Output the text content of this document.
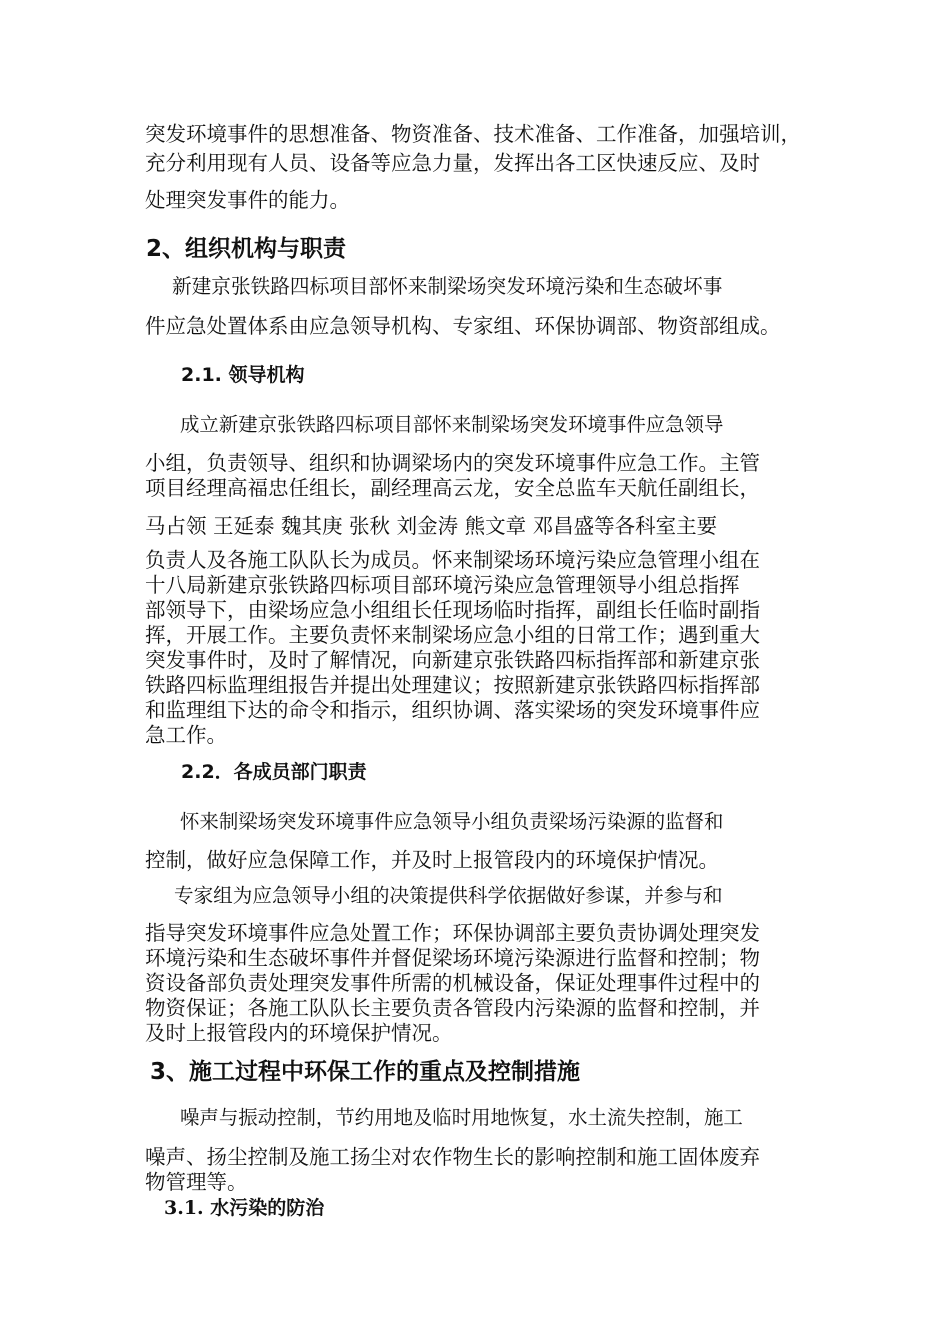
突发环境事件的思想准备、物资准备、技术准备、工作准备，加强培训，
充分利用现有人员、设备等应急力量，发挥出各工区快速反应、及时
处理突发事件的能力。
2、组织机构与职责
新建京张铁路四标项目部怀来制梁场突发环境污染和生态破坏事
件应急处置体系由应急领导机构、专家组、环保协调部、物资部组成。
2.1. 领导机构
成立新建京张铁路四标项目部怀来制梁场突发环境事件应急领导
小组，负责领导、组织和协调梁场内的突发环境事件应急工作。主管
项目经理高福忠任组长，副经理高云龙，安全总监车天航任副组长，
马占领 王延泰 魏其庚 张秋 刘金涛 熊文章 邓昌盛等各科室主要
负责人及各施工队队长为成员。怀来制梁场环境污染应急管理小组在
十八局新建京张铁路四标项目部环境污染应急管理领导小组总指挥
部领导下，由梁场应急小组组长任现场临时指挥，副组长任临时副指
挥，开展工作。主要负责怀来制梁场应急小组的日常工作；遇到重大
突发事件时，及时了解情况，向新建京张铁路四标指挥部和新建京张
铁路四标监理组报告并提出处理建议；按照新建京张铁路四标指挥部
和监理组下达的命令和指示，组织协调、落实梁场的突发环境事件应
急工作。
2.2．各成员部门职责
怀来制梁场突发环境事件应急领导小组负责梁场污染源的监督和
控制，做好应急保障工作，并及时上报管段内的环境保护情况。
专家组为应急领导小组的决策提供科学依据做好参谋，并参与和
指导突发环境事件应急处置工作；环保协调部主要负责协调处理突发
环境污染和生态破坏事件并督促梁场环境污染源进行监督和控制；物
资设备部负责处理突发事件所需的机械设备，保证处理事件过程中的
物资保证；各施工队队长主要负责各管段内污染源的监督和控制，并
及时上报管段内的环境保护情况。
3、施工过程中环保工作的重点及控制措施
噪声与振动控制，节约用地及临时用地恢复，水土流失控制，施工
噪声、扬尘控制及施工扬尘对农作物生长的影响控制和施工固体废弃
物管理等。
3.1. 水污染的防治
